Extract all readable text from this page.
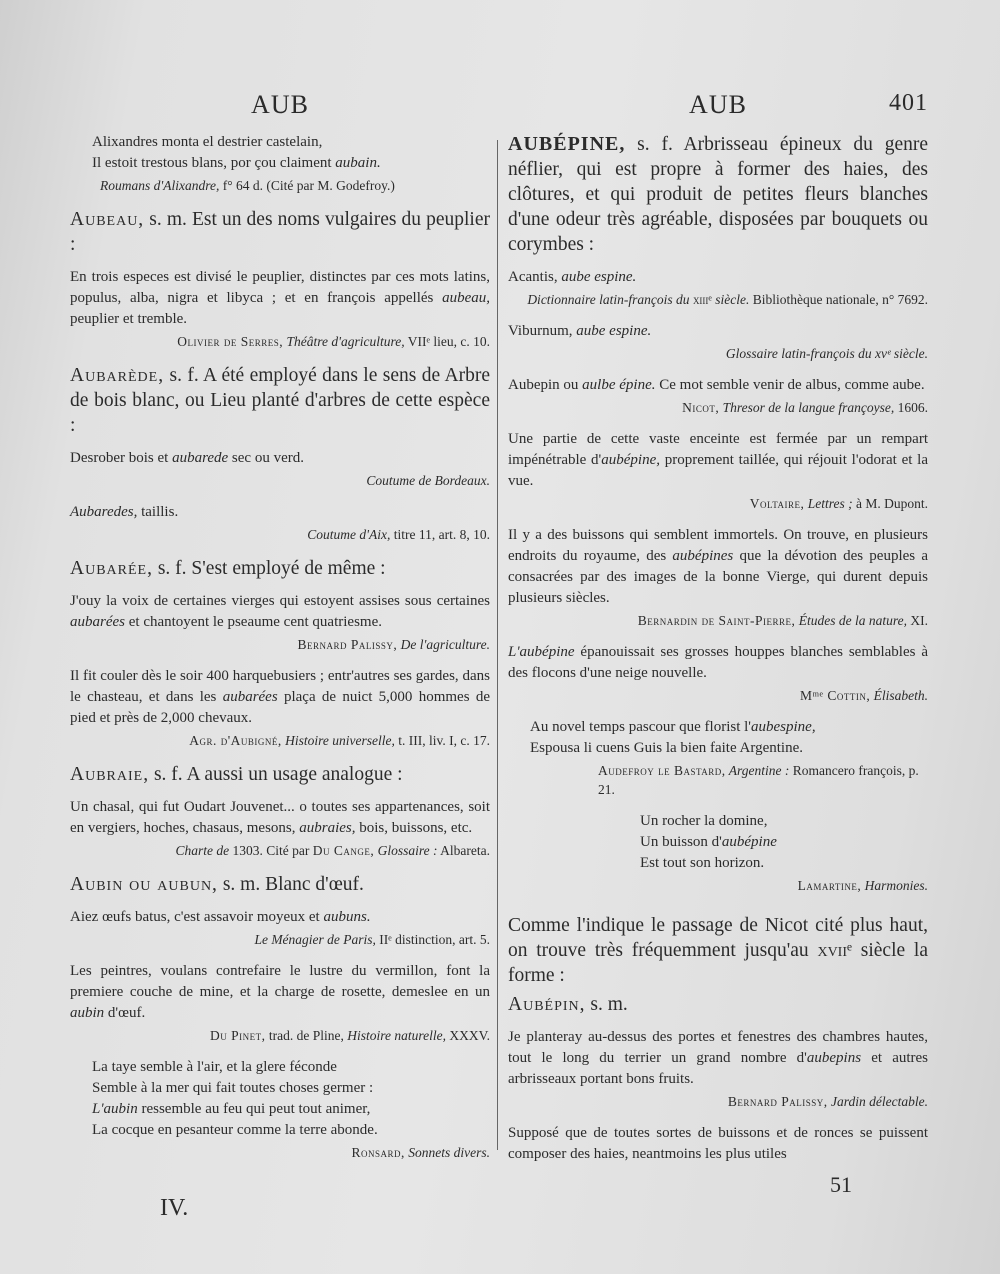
AUB
Alixandres monta el destrier castelain,
Il estoit trestous blans, por çou claiment aubain.
Roumans d'Alixandre, f° 64 d. (Cité par M. Godefroy.)
Aubeau, s. m. Est un des noms vulgaires du peuplier :
En trois especes est divisé le peuplier, distinctes par ces mots latins, populus, alba, nigra et libyca ; et en françois appellés aubeau, peuplier et tremble.
Olivier de Serres, Théâtre d'agriculture, VIIᵉ lieu, c. 10.
Aubarède, s. f. A été employé dans le sens de Arbre de bois blanc, ou Lieu planté d'arbres de cette espèce :
Desrober bois et aubarede sec ou verd.
Coutume de Bordeaux.
Aubaredes, taillis.
Coutume d'Aix, titre 11, art. 8, 10.
Aubarée, s. f. S'est employé de même :
J'ouy la voix de certaines vierges qui estoyent assises sous certaines aubarées et chantoyent le pseaume cent quatriesme.
Bernard Palissy, De l'agriculture.
Il fit couler dès le soir 400 harquebusiers ; entr'autres ses gardes, dans le chasteau, et dans les aubarées plaça de nuict 5,000 hommes de pied et près de 2,000 chevaux.
Agr. d'Aubigné, Histoire universelle, t. III, liv. I, c. 17.
Aubraie, s. f. A aussi un usage analogue :
Un chasal, qui fut Oudart Jouvenet... o toutes ses appartenances, soit en vergiers, hoches, chasaus, mesons, aubraies, bois, buissons, etc.
Charte de 1303. Cité par Du Cange, Glossaire : Albareta.
Aubin ou aubun, s. m. Blanc d'œuf.
Aiez œufs batus, c'est assavoir moyeux et aubuns.
Le Ménagier de Paris, IIᵉ distinction, art. 5.
Les peintres, voulans contrefaire le lustre du vermillon, font la premiere couche de mine, et la charge de rosette, demeslee en un aubin d'œuf.
Du Pinet, trad. de Pline, Histoire naturelle, XXXV.
La taye semble à l'air, et la glere féconde
Semble à la mer qui fait toutes choses germer :
L'aubin ressemble au feu qui peut tout animer,
La cocque en pesanteur comme la terre abonde.
Ronsard, Sonnets divers.
AUB	401
AUBÉPINE, s. f. Arbrisseau épineux du genre néflier, qui est propre à former des haies, des clôtures, et qui produit de petites fleurs blanches d'une odeur très agréable, disposées par bouquets ou corymbes :
Acantis, aube espine.
Dictionnaire latin-françois du xiiiᵉ siècle. Bibliothèque nationale, n° 7692.
Viburnum, aube espine.
Glossaire latin-françois du xvᵉ siècle.
Aubepin ou aulbe épine. Ce mot semble venir de albus, comme aube.
Nicot, Thresor de la langue françoyse, 1606.
Une partie de cette vaste enceinte est fermée par un rempart impénétrable d'aubépine, proprement taillée, qui réjouit l'odorat et la vue.
Voltaire, Lettres ; à M. Dupont.
Il y a des buissons qui semblent immortels. On trouve, en plusieurs endroits du royaume, des aubépines que la dévotion des peuples a consacrées par des images de la bonne Vierge, qui durent depuis plusieurs siècles.
Bernardin de Saint-Pierre, Études de la nature, XI.
L'aubépine épanouissait ses grosses houppes blanches semblables à des flocons d'une neige nouvelle.
Mᵐᵉ Cottin, Élisabeth.
Au novel temps pascour que florist l'aubespine,
Espousa li cuens Guis la bien faite Argentine.
Audefroy le Bastard, Argentine : Romancero françois, p. 21.
Un rocher la domine,
Un buisson d'aubépine
Est tout son horizon.
Lamartine, Harmonies.
Comme l'indique le passage de Nicot cité plus haut, on trouve très fréquemment jusqu'au xviiᵉ siècle la forme :
Aubépin, s. m.
Je planteray au-dessus des portes et fenestres des chambres hautes, tout le long du terrier un grand nombre d'aubepins et autres arbrisseaux portant bons fruits.
Bernard Palissy, Jardin délectable.
Supposé que de toutes sortes de buissons et de ronces se puissent composer des haies, neantmoins les plus utiles
IV.
51
